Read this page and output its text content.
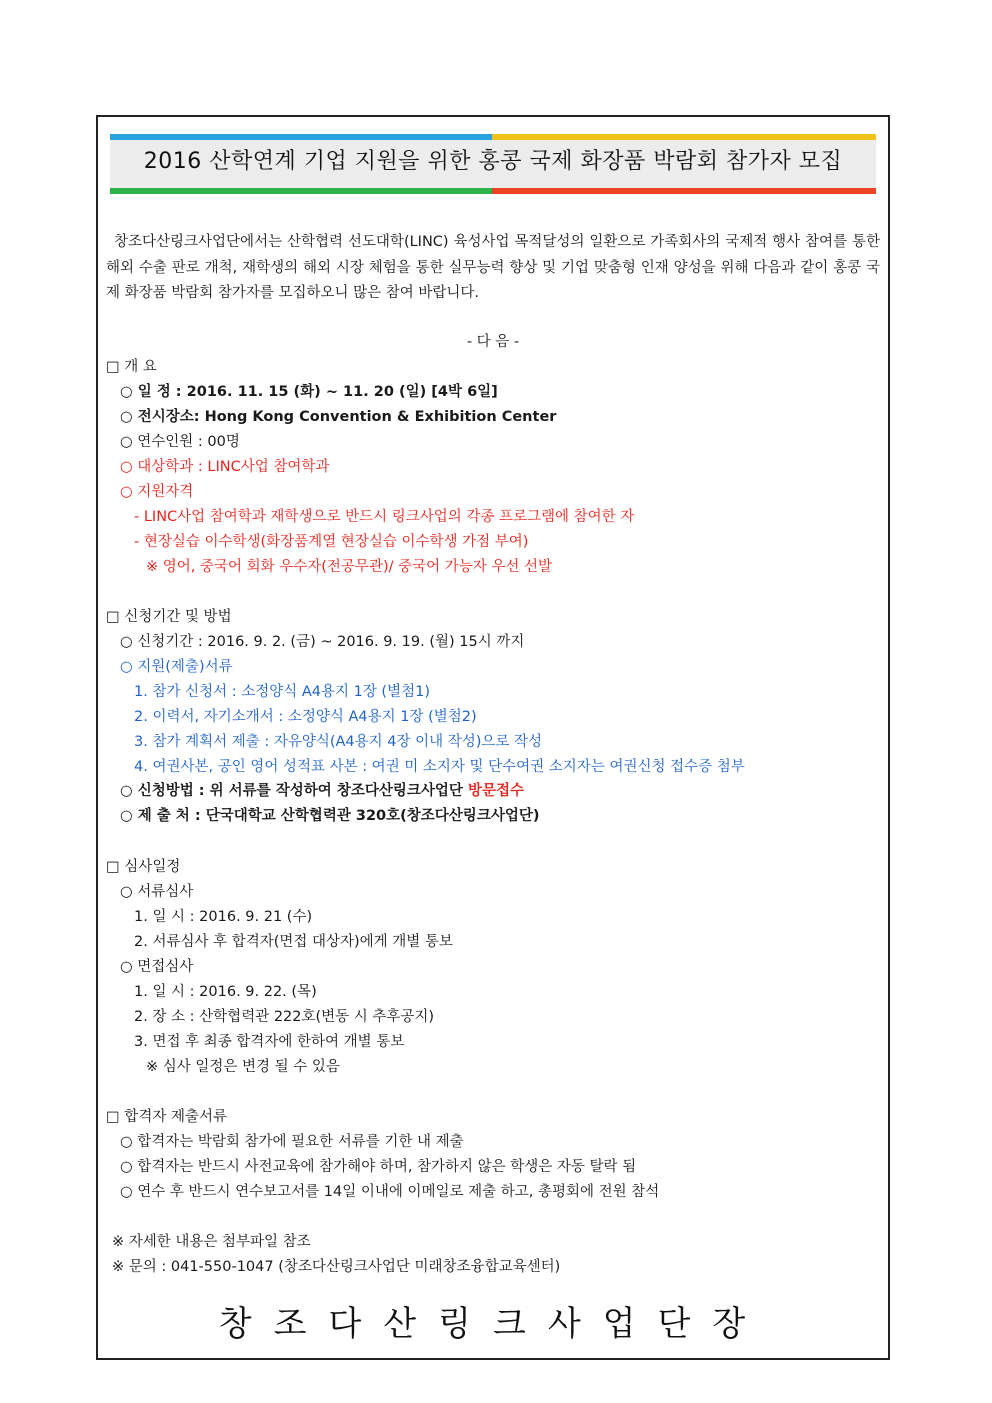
2016 산학연계 기업 지원을 위한 홍콩 국제 화장품 박람회 참가자 모집
창조다산링크사업단에서는 산학협력 선도대학(LINC) 육성사업 목적달성의 일환으로 가족회사의 국제적 행사 참여를 통한 해외 수출 판로 개척, 재학생의 해외 시장 체험을 통한 실무능력 향상 및 기업 맞춤형 인재 양성을 위해 다음과 같이 홍콩 국제 화장품 박람회 참가자를 모집하오니 많은 참여 바랍니다.
- 다 음 -
□ 개 요
○ 일 정 : 2016. 11. 15 (화) ~ 11. 20 (일) [4박 6일]
○ 전시장소: Hong Kong Convention & Exhibition Center
○ 연수인원 : 00명
○ 대상학과 : LINC사업 참여학과
○ 지원자격
- LINC사업 참여학과 재학생으로 반드시 링크사업의 각종 프로그램에 참여한 자
- 현장실습 이수학생(화장품계열 현장실습 이수학생 가점 부여)
※ 영어, 중국어 회화 우수자(전공무관)/ 중국어 가능자 우선 선발
□ 신청기간 및 방법
○ 신청기간 : 2016. 9. 2. (금) ~ 2016. 9. 19. (월) 15시 까지
○ 지원(제출)서류
1. 참가 신청서 : 소정양식 A4용지 1장 (별첨1)
2. 이력서, 자기소개서 : 소정양식 A4용지 1장 (별첨2)
3. 참가 계획서 제출 : 자유양식(A4용지 4장 이내 작성)으로 작성
4. 여권사본, 공인 영어 성적표 사본 : 여권 미 소지자 및 단수여권 소지자는 여권신청 접수증 첨부
○ 신청방법 : 위 서류를 작성하여 창조다산링크사업단 방문접수
○ 제 출 처 : 단국대학교 산학협력관 320호(창조다산링크사업단)
□ 심사일정
○ 서류심사
1. 일 시 : 2016. 9. 21 (수)
2. 서류심사 후 합격자(면접 대상자)에게 개별 통보
○ 면접심사
1. 일 시 : 2016. 9. 22. (목)
2. 장 소 : 산학협력관 222호(변동 시 추후공지)
3. 면접 후 최종 합격자에 한하여 개별 통보
※ 심사 일정은 변경 될 수 있음
□ 합격자 제출서류
○ 합격자는 박람회 참가에 필요한 서류를 기한 내 제출
○ 합격자는 반드시 사전교육에 참가해야 하며, 참가하지 않은 학생은 자동 탈락 됨
○ 연수 후 반드시 연수보고서를 14일 이내에 이메일로 제출 하고, 총평회에 전원 참석
※ 자세한 내용은 첨부파일 참조
※ 문의 : 041-550-1047 (창조다산링크사업단 미래창조융합교육센터)
창조다산링크사업단장
